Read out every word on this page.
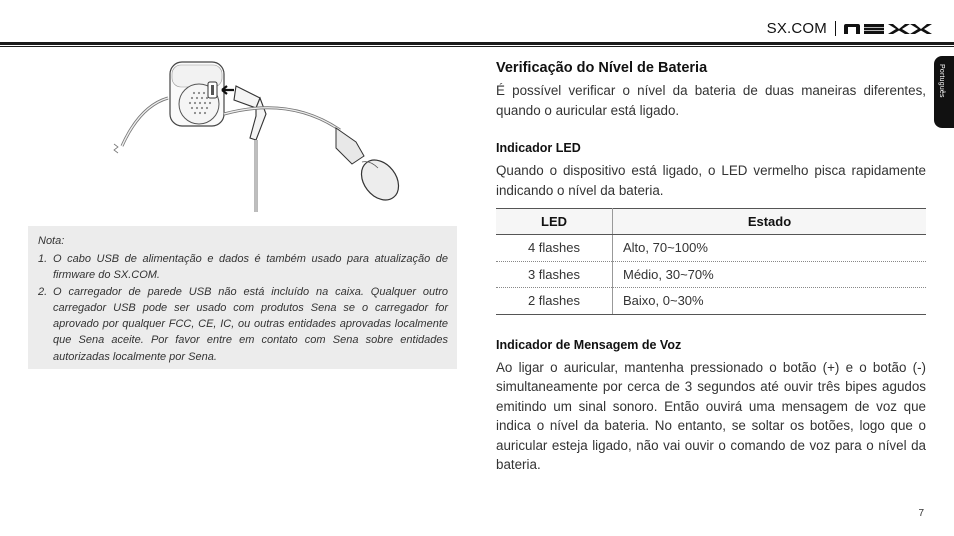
SX.COM
Português
Nota:
1. O cabo USB de alimentação e dados é também usado para atualização de firmware do SX.COM.
2. O carregador de parede USB não está incluído na caixa. Qualquer outro carregador USB pode ser usado com produtos Sena se o carregador for aprovado por qualquer FCC, CE, IC, ou outras entidades aprovadas localmente que Sena aceite. Por favor entre em contato com Sena sobre entidades autorizadas localmente por Sena.
Verificação do Nível de Bateria

É possível verificar o nível da bateria de duas maneiras diferentes, quando o auricular está ligado.

Indicador LED

Quando o dispositivo está ligado, o LED vermelho pisca rapidamente indicando o nível da bateria.

LED	Estado
4 flashes	Alto, 70~100%
3 flashes	Médio, 30~70%
2 flashes	Baixo, 0~30%
Indicador de Mensagem de Voz

Ao ligar o auricular, mantenha pressionado o botão (+) e o botão (-) simultaneamente por cerca de 3 segundos até ouvir três bipes agudos emitindo um sinal sonoro. Então ouvirá uma mensagem de voz que indica o nível da bateria. No entanto, se soltar os botões, logo que o auricular esteja ligado, não vai ouvir o comando de voz para o nível da bateria.

7
